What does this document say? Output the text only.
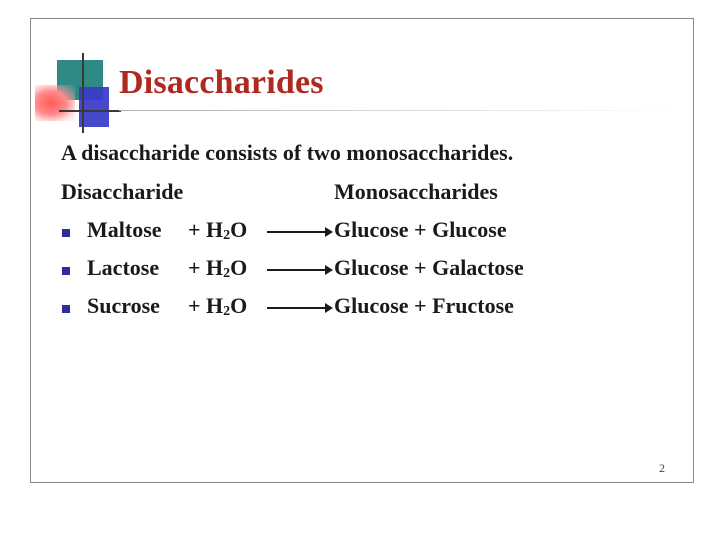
Disaccharides
A disaccharide consists of two monosaccharides.
Disaccharide	Monosaccharides
Maltose + $H_2O$	Glucose + Glucose
Lactose + $H_2O$	Glucose + Galactose
Sucrose + $H_2O$	Glucose + Fructose
2
